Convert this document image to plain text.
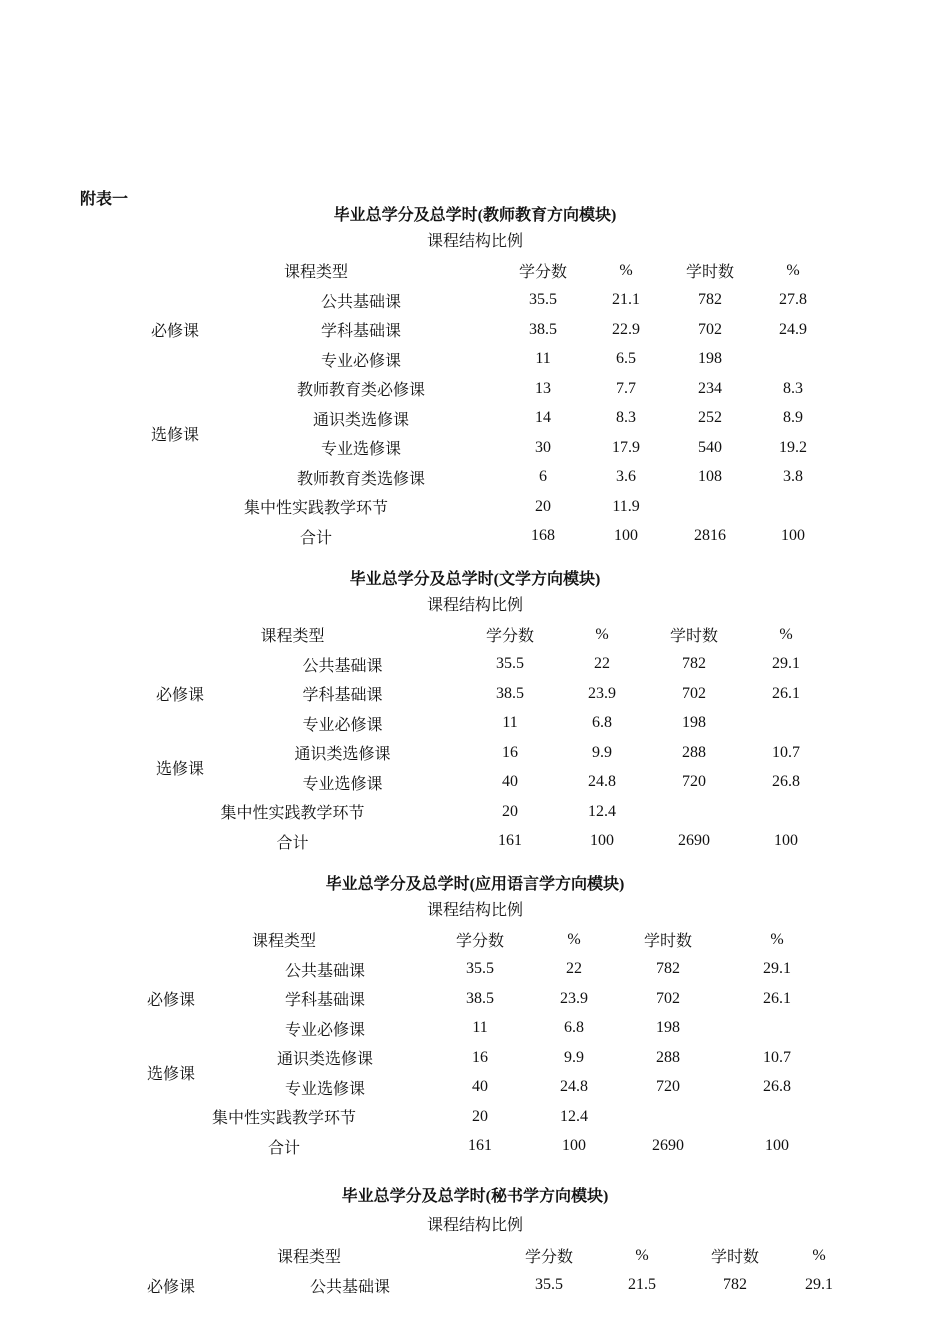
附表一
毕业总学分及总学时(教师教育方向模块)
课程结构比例
课程类型		学分数	%	学时数	%
必修课	公共基础课	35.5	21.1	782	27.8
	学科基础课	38.5	22.9	702	24.9
	专业必修课	11	6.5	198	
选修课	教师教育类必修课	13	7.7	234	8.3
	通识类选修课	14	8.3	252	8.9
	专业选修课	30	17.9	540	19.2
	教师教育类选修课	6	3.6	108	3.8
集中性实践教学环节		20	11.9		
合计		168	100	2816	100
毕业总学分及总学时(文学方向模块)
课程结构比例
课程类型		学分数	%	学时数	%
必修课	公共基础课	35.5	22	782	29.1
	学科基础课	38.5	23.9	702	26.1
	专业必修课	11	6.8	198	
选修课	通识类选修课	16	9.9	288	10.7
	专业选修课	40	24.8	720	26.8
集中性实践教学环节		20	12.4		
合计		161	100	2690	100
毕业总学分及总学时(应用语言学方向模块)
课程结构比例
课程类型		学分数	%	学时数	%
必修课	公共基础课	35.5	22	782	29.1
	学科基础课	38.5	23.9	702	26.1
	专业必修课	11	6.8	198	
选修课	通识类选修课	16	9.9	288	10.7
	专业选修课	40	24.8	720	26.8
集中性实践教学环节		20	12.4		
合计		161	100	2690	100
毕业总学分及总学时(秘书学方向模块)
课程结构比例
课程类型		学分数	%	学时数	%
必修课	公共基础课	35.5	21.5	782	29.1
